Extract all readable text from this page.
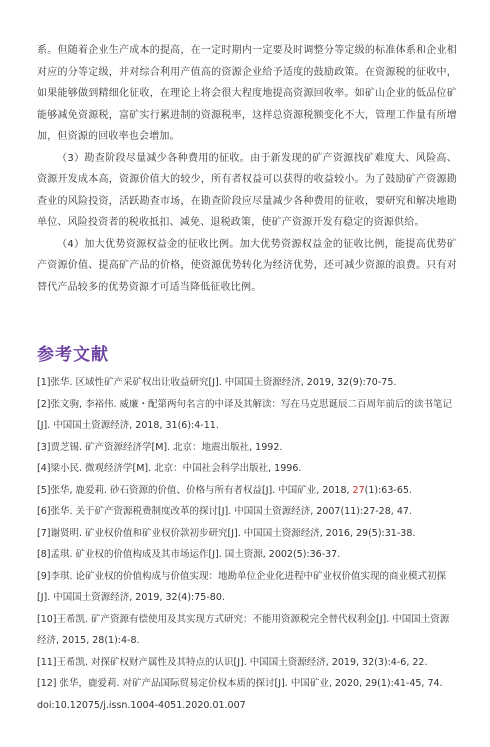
系。但随着企业生产成本的提高，在一定时期内一定要及时调整分等定级的标准体系和企业相对应的分等定级，并对综合利用产值高的资源企业给予适度的鼓励政策。在资源税的征收中，如果能够做到精细化征收，在理论上将会很大程度地提高资源回收率。如矿山企业的低品位矿能够减免资源税，富矿实行累进制的资源税率，这样总资源税额变化不大，管理工作量有所增加，但资源的回收率也会增加。

（3）勘查阶段尽量减少各种费用的征收。由于新发现的矿产资源找矿难度大、风险高、资源开发成本高，资源价值大的较少，所有者权益可以获得的收益较小。为了鼓励矿产资源勘查业的风险投资，活跃勘查市场，在勘查阶段应尽量减少各种费用的征收，要研究和解决地勘单位、风险投资者的税收抵扣、减免、退税政策，使矿产资源开发有稳定的资源供给。

（4）加大优势资源权益金的征收比例。加大优势资源权益金的征收比例，能提高优势矿产资源价值、提高矿产品的价格，使资源优势转化为经济优势，还可减少资源的浪费。只有对替代产品较多的优势资源才可适当降低征收比例。

参考文献

[1]张华. 区域性矿产采矿权出让收益研究[J]. 中国国土资源经济, 2019, 32(9):70-75.

[2]张文驹, 李裕伟. 威廉・配第两句名言的中译及其解读：写在马克思诞辰二百周年前后的读书笔记[J]. 中国国土资源经济, 2018, 31(6):4-11.

[3]贾芝锡. 矿产资源经济学[M]. 北京：地震出版社, 1992.

[4]梁小民. 微观经济学[M]. 北京：中国社会科学出版社, 1996.

[5]张华, 鹿爱莉. 砂石资源的价值、价格与所有者权益[J]. 中国矿业, 2018, 27(1):63-65.

[6]张华. 关于矿产资源税费制度改革的探讨[J]. 中国国土资源经济, 2007(11):27-28, 47.

[7]谢贤明. 矿业权价值和矿业权价款初步研究[J]. 中国国土资源经济, 2016, 29(5):31-38.

[8]孟琪. 矿业权的价值构成及其市场运作[J]. 国土资源, 2002(5):36-37.

[9]李琪. 论矿业权的价值构成与价值实现：地勘单位企业化进程中矿业权价值实现的商业模式初探[J]. 中国国土资源经济, 2019, 32(4):75-80.

[10]王希凯. 矿产资源有偿使用及其实现方式研究：不能用资源税完全替代权利金[J]. 中国国土资源经济, 2015, 28(1):4-8.

[11]王希凯. 对探矿权财产属性及其特点的认识[J]. 中国国土资源经济, 2019, 32(3):4-6, 22.

[12] 张华，鹿爱莉. 对矿产品国际贸易定价权本质的探讨[J]. 中国矿业, 2020, 29(1):41-45, 74. doi:10.12075/j.issn.1004-4051.2020.01.007
